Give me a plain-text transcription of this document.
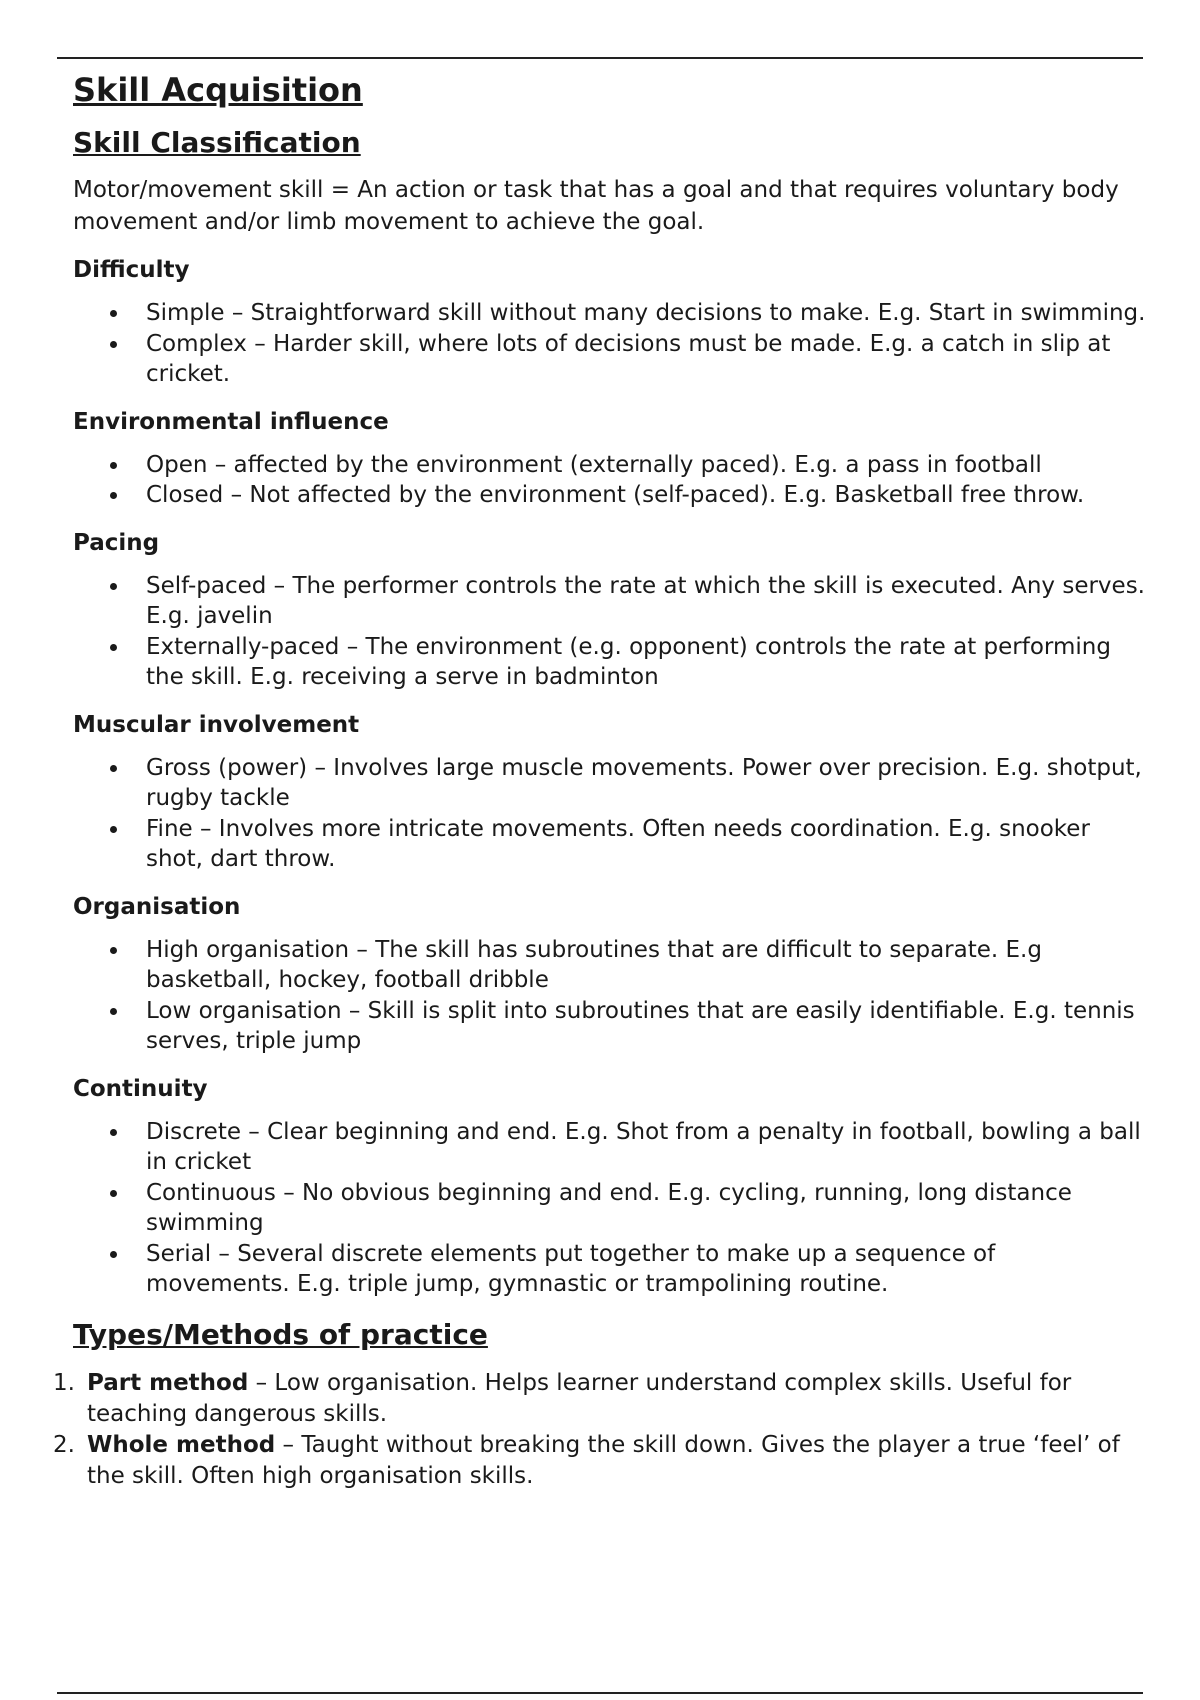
Skill Acquisition
Skill Classification

Motor/movement skill = An action or task that has a goal and that requires voluntary body movement and/or limb movement to achieve the goal.

Difficulty
Simple – Straightforward skill without many decisions to make. E.g. Start in swimming.
Complex – Harder skill, where lots of decisions must be made. E.g. a catch in slip at cricket.
Environmental influence
Open – affected by the environment (externally paced). E.g. a pass in football
Closed – Not affected by the environment (self-paced). E.g. Basketball free throw.
Pacing
Self-paced – The performer controls the rate at which the skill is executed. Any serves. E.g. javelin
Externally-paced – The environment (e.g. opponent) controls the rate at performing the skill. E.g. receiving a serve in badminton
Muscular involvement
Gross (power) – Involves large muscle movements. Power over precision. E.g. shotput, rugby tackle
Fine – Involves more intricate movements. Often needs coordination. E.g. snooker shot, dart throw.
Organisation
High organisation – The skill has subroutines that are difficult to separate. E.g basketball, hockey, football dribble
Low organisation – Skill is split into subroutines that are easily identifiable. E.g. tennis serves, triple jump
Continuity
Discrete – Clear beginning and end. E.g. Shot from a penalty in football, bowling a ball in cricket
Continuous – No obvious beginning and end. E.g. cycling, running, long distance swimming
Serial – Several discrete elements put together to make up a sequence of movements. E.g. triple jump, gymnastic or trampolining routine.
Types/Methods of practice
1. Part method – Low organisation. Helps learner understand complex skills. Useful for teaching dangerous skills.
2. Whole method – Taught without breaking the skill down. Gives the player a true ‘feel’ of the skill. Often high organisation skills.
